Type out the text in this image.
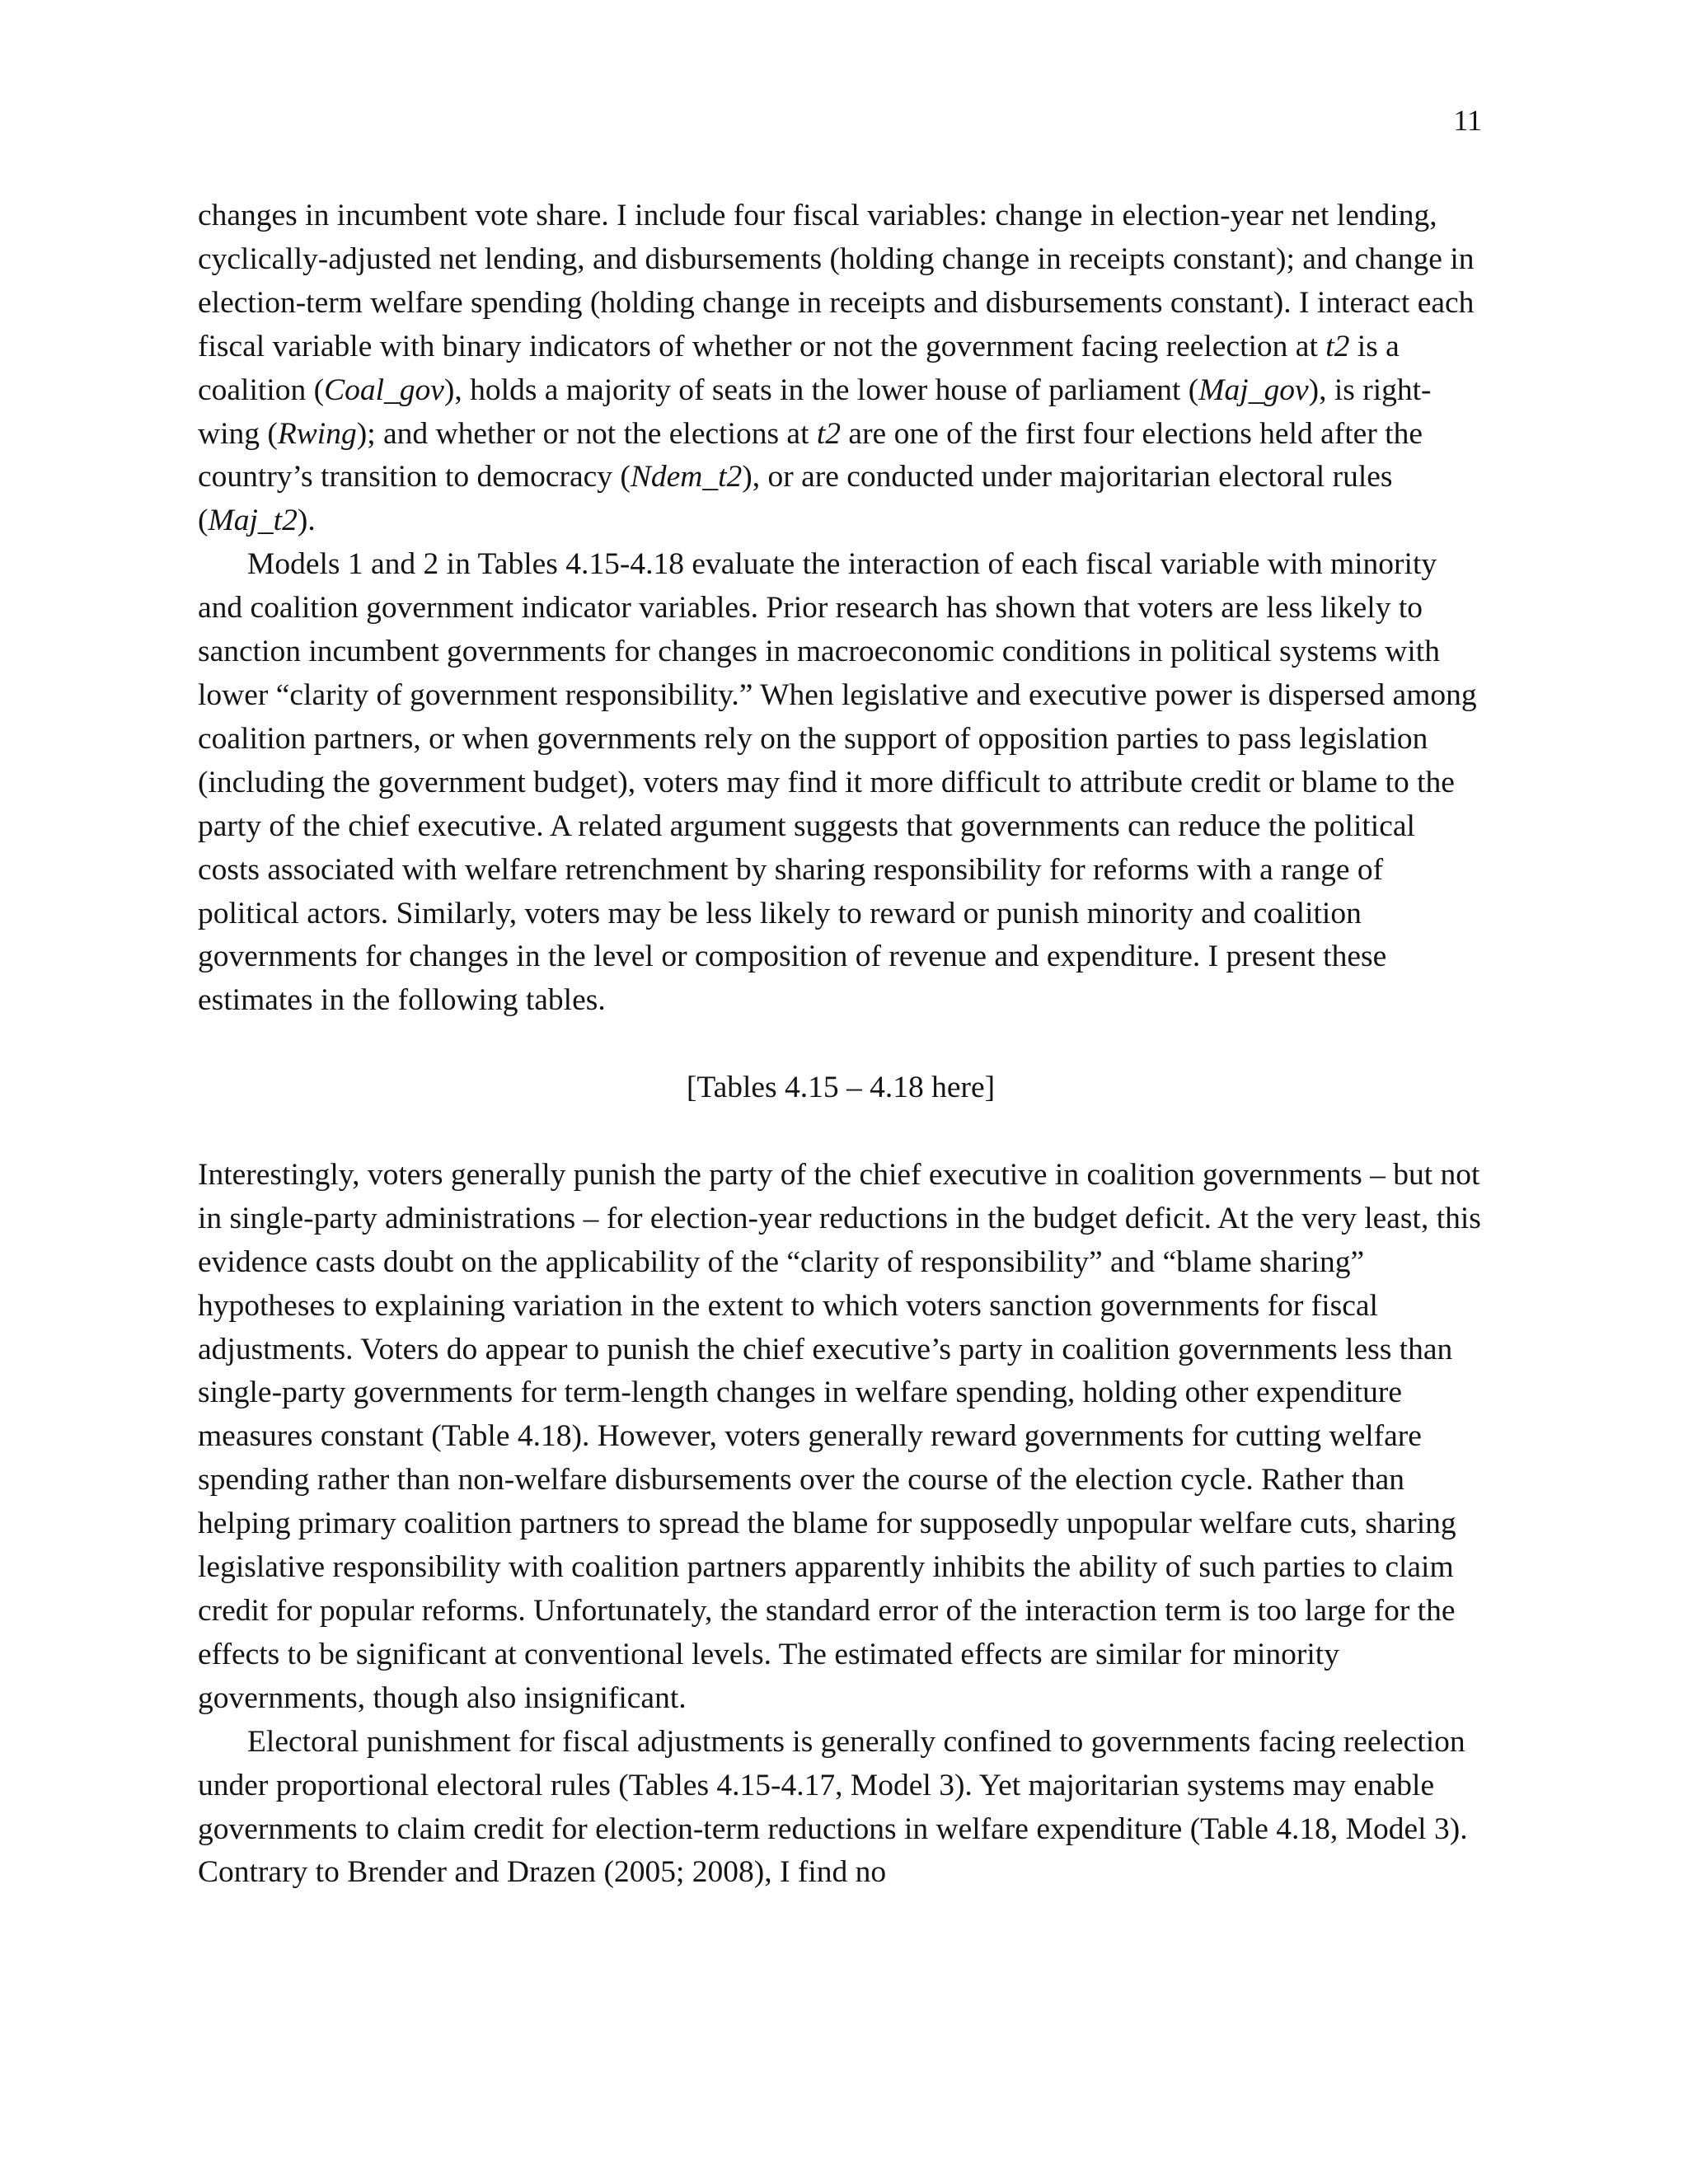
11

changes in incumbent vote share. I include four fiscal variables: change in election-year net lending, cyclically-adjusted net lending, and disbursements (holding change in receipts constant); and change in election-term welfare spending (holding change in receipts and disbursements constant). I interact each fiscal variable with binary indicators of whether or not the government facing reelection at t2 is a coalition (Coal_gov), holds a majority of seats in the lower house of parliament (Maj_gov), is right-wing (Rwing); and whether or not the elections at t2 are one of the first four elections held after the country’s transition to democracy (Ndem_t2), or are conducted under majoritarian electoral rules (Maj_t2).

Models 1 and 2 in Tables 4.15-4.18 evaluate the interaction of each fiscal variable with minority and coalition government indicator variables. Prior research has shown that voters are less likely to sanction incumbent governments for changes in macroeconomic conditions in political systems with lower “clarity of government responsibility.” When legislative and executive power is dispersed among coalition partners, or when governments rely on the support of opposition parties to pass legislation (including the government budget), voters may find it more difficult to attribute credit or blame to the party of the chief executive. A related argument suggests that governments can reduce the political costs associated with welfare retrenchment by sharing responsibility for reforms with a range of political actors. Similarly, voters may be less likely to reward or punish minority and coalition governments for changes in the level or composition of revenue and expenditure. I present these estimates in the following tables.

[Tables 4.15 – 4.18 here]

Interestingly, voters generally punish the party of the chief executive in coalition governments – but not in single-party administrations – for election-year reductions in the budget deficit. At the very least, this evidence casts doubt on the applicability of the “clarity of responsibility” and “blame sharing” hypotheses to explaining variation in the extent to which voters sanction governments for fiscal adjustments. Voters do appear to punish the chief executive’s party in coalition governments less than single-party governments for term-length changes in welfare spending, holding other expenditure measures constant (Table 4.18). However, voters generally reward governments for cutting welfare spending rather than non-welfare disbursements over the course of the election cycle. Rather than helping primary coalition partners to spread the blame for supposedly unpopular welfare cuts, sharing legislative responsibility with coalition partners apparently inhibits the ability of such parties to claim credit for popular reforms. Unfortunately, the standard error of the interaction term is too large for the effects to be significant at conventional levels. The estimated effects are similar for minority governments, though also insignificant.

Electoral punishment for fiscal adjustments is generally confined to governments facing reelection under proportional electoral rules (Tables 4.15-4.17, Model 3). Yet majoritarian systems may enable governments to claim credit for election-term reductions in welfare expenditure (Table 4.18, Model 3). Contrary to Brender and Drazen (2005; 2008), I find no
